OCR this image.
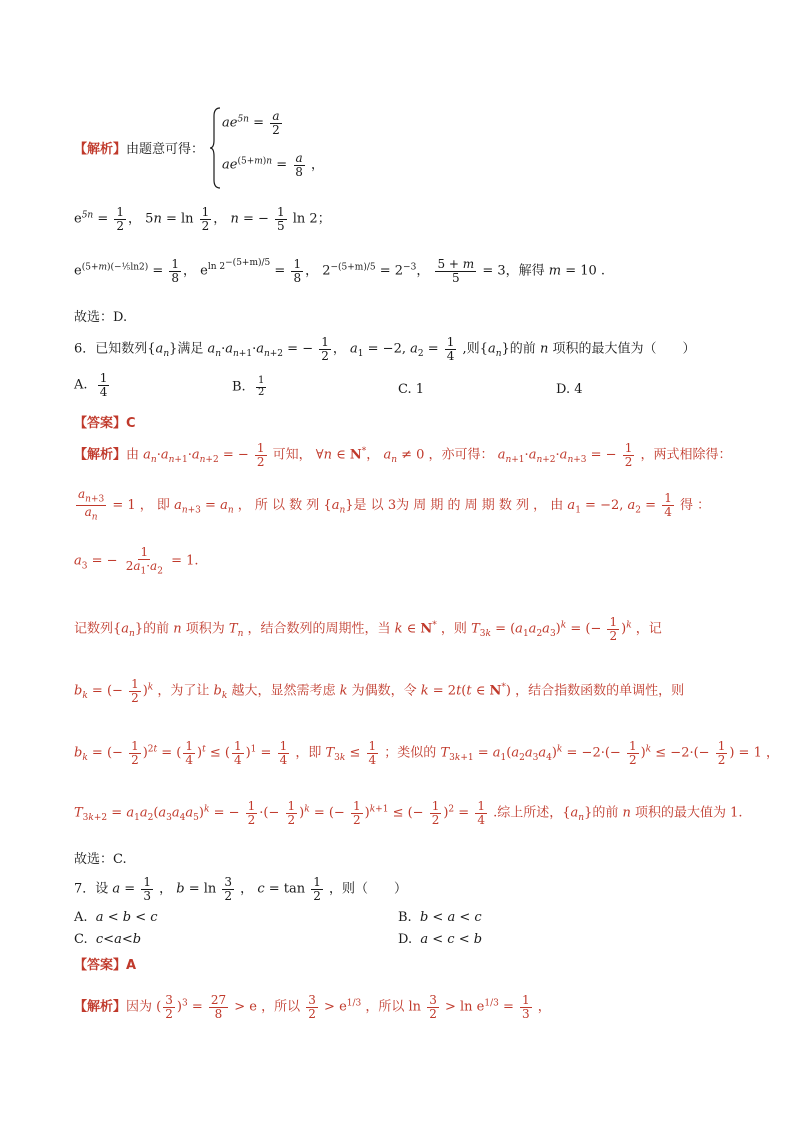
【解析】由题意可得：
$ae^{5n} = \frac{a}{2}$
$ae^{(5+m)n} = \frac{a}{8}$ ，
$e^{5n} = \frac{1}{2}$ ， $5n = \ln \frac{1}{2}$ ， n = − $\frac{1}{5}$ ln 2；
$e^{(5+m)(-\frac{1}{5}ln2)} = \frac{1}{8}$ ， $e^{ln 2^{-(5+m)/5}} = \frac{1}{8}$ ， $2^{-(5+m)/5} = 2^{-3}$， $\frac{5 + m}{5} = 3$，解得 m = 10 .
故选：D.
6．已知数列$\{a_n\}$满足 $a_n\cdot a_{n+1}\cdot a_{n+2}$ = − $\frac{1}{2}$ ， $a_1 = -2$, $a_2 = \frac{1}{4}$ ,则$\{a_n\}$的前 n 项积的最大值为（　　）
A. $\frac{1}{4}$	B. $\frac{1}{2}$	C. 1	D. 4
【答案】C
【解析】由 $a_n\cdot a_{n+1}\cdot a_{n+2}$ = − $\frac{1}{2}$ 可知， ∀n ∈ N*， $a_n \ne 0$ ，亦可得： $a_{n+1}\cdot a_{n+2}\cdot a_{n+3}$ = − $\frac{1}{2}$ ，两式相除得：
$\frac{a_{n+3}}{a_n} = 1$ ， 即 $a_{n+3} = a_n$ ， 所 以 数 列 $\{a_n\}$是 以 3为 周 期 的 周 期 数 列 ， 由 $a_1 = -2$, $a_2 = \frac{1}{4}$ 得 ：
$a_3$ = − $\frac{1}{2a_1\cdot a_2} = 1$.
记数列$\{a_n\}$的前 n 项积为 $T_n$ ，结合数列的周期性，当 k ∈ N* ，则 $T_{3k} = (a_1a_2a_3)^k$ = (− $\frac{1}{2} )^k$ ，记
$b_k$ = (− $\frac{1}{2} )^k$ ，为了让 $b_k$ 越大，显然需考虑 k 为偶数，令 k = 2t(t ∈ N*) ，结合指数函数的单调性，则
$b_k$ = (− $\frac{1}{2} )^{2t}$ = ( $\frac{1}{4} )^t$ ≤ ( $\frac{1}{4} )^1 = \frac{1}{4}$ ，即 $T_{3k} \le \frac{1}{4}$ ；类似的 $T_{3k+1} = a_1(a_2a_3a_4)^k = -2\cdot(- \frac{1}{2} )^k \le -2\cdot(- \frac{1}{2}$ ) = 1 ，
$T_{3k+2} = a_1a_2(a_3a_4a_5)^k$ = − $\frac{1}{2}$ ·(− $\frac{1}{2} )^k$ = (− $\frac{1}{2} )^{k+1}$ ≤ (− $\frac{1}{2} )^2 = \frac{1}{4}$ .综上所述，$\{a_n\}$的前 n 项积的最大值为 1.
故选：C.
7．设 $a = \frac{1}{3}$ ， $b = \ln \frac{3}{2}$ ， $c = \tan \frac{1}{2}$ ，则（　　）
A.  a < b < c	B.  b < a < c
C.  c<a<b	D.  a < c < b
【答案】A
【解析】因为 ( $\frac{3}{2} )^3 = \frac{27}{8} > e$ ，所以 $\frac{3}{2} > e^{1/3}$ ，所以 $\ln \frac{3}{2} > \ln e^{1/3} = \frac{1}{3}$ ，
